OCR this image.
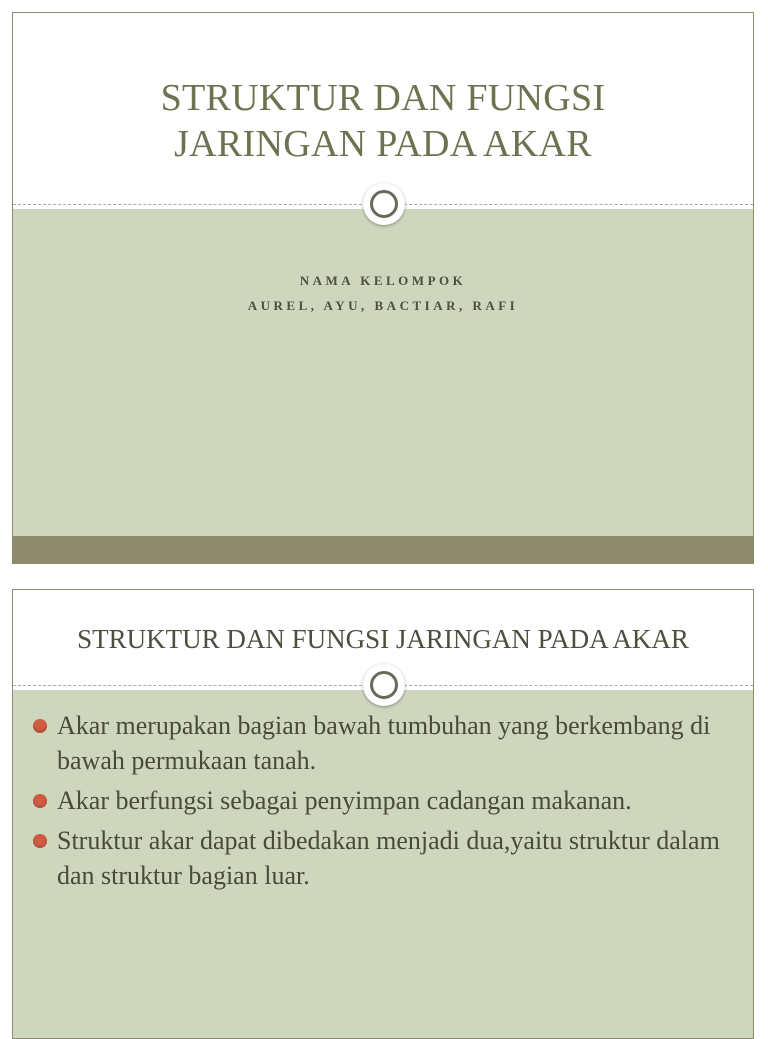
STRUKTUR DAN FUNGSI
JARINGAN PADA AKAR
NAMA KELOMPOK
AUREL, AYU, BACTIAR, RAFI
STRUKTUR DAN FUNGSI JARINGAN PADA AKAR
Akar merupakan bagian bawah tumbuhan yang berkembang di bawah permukaan tanah.
Akar berfungsi sebagai penyimpan cadangan makanan.
Struktur akar dapat dibedakan menjadi dua,yaitu struktur dalam dan struktur bagian luar.
